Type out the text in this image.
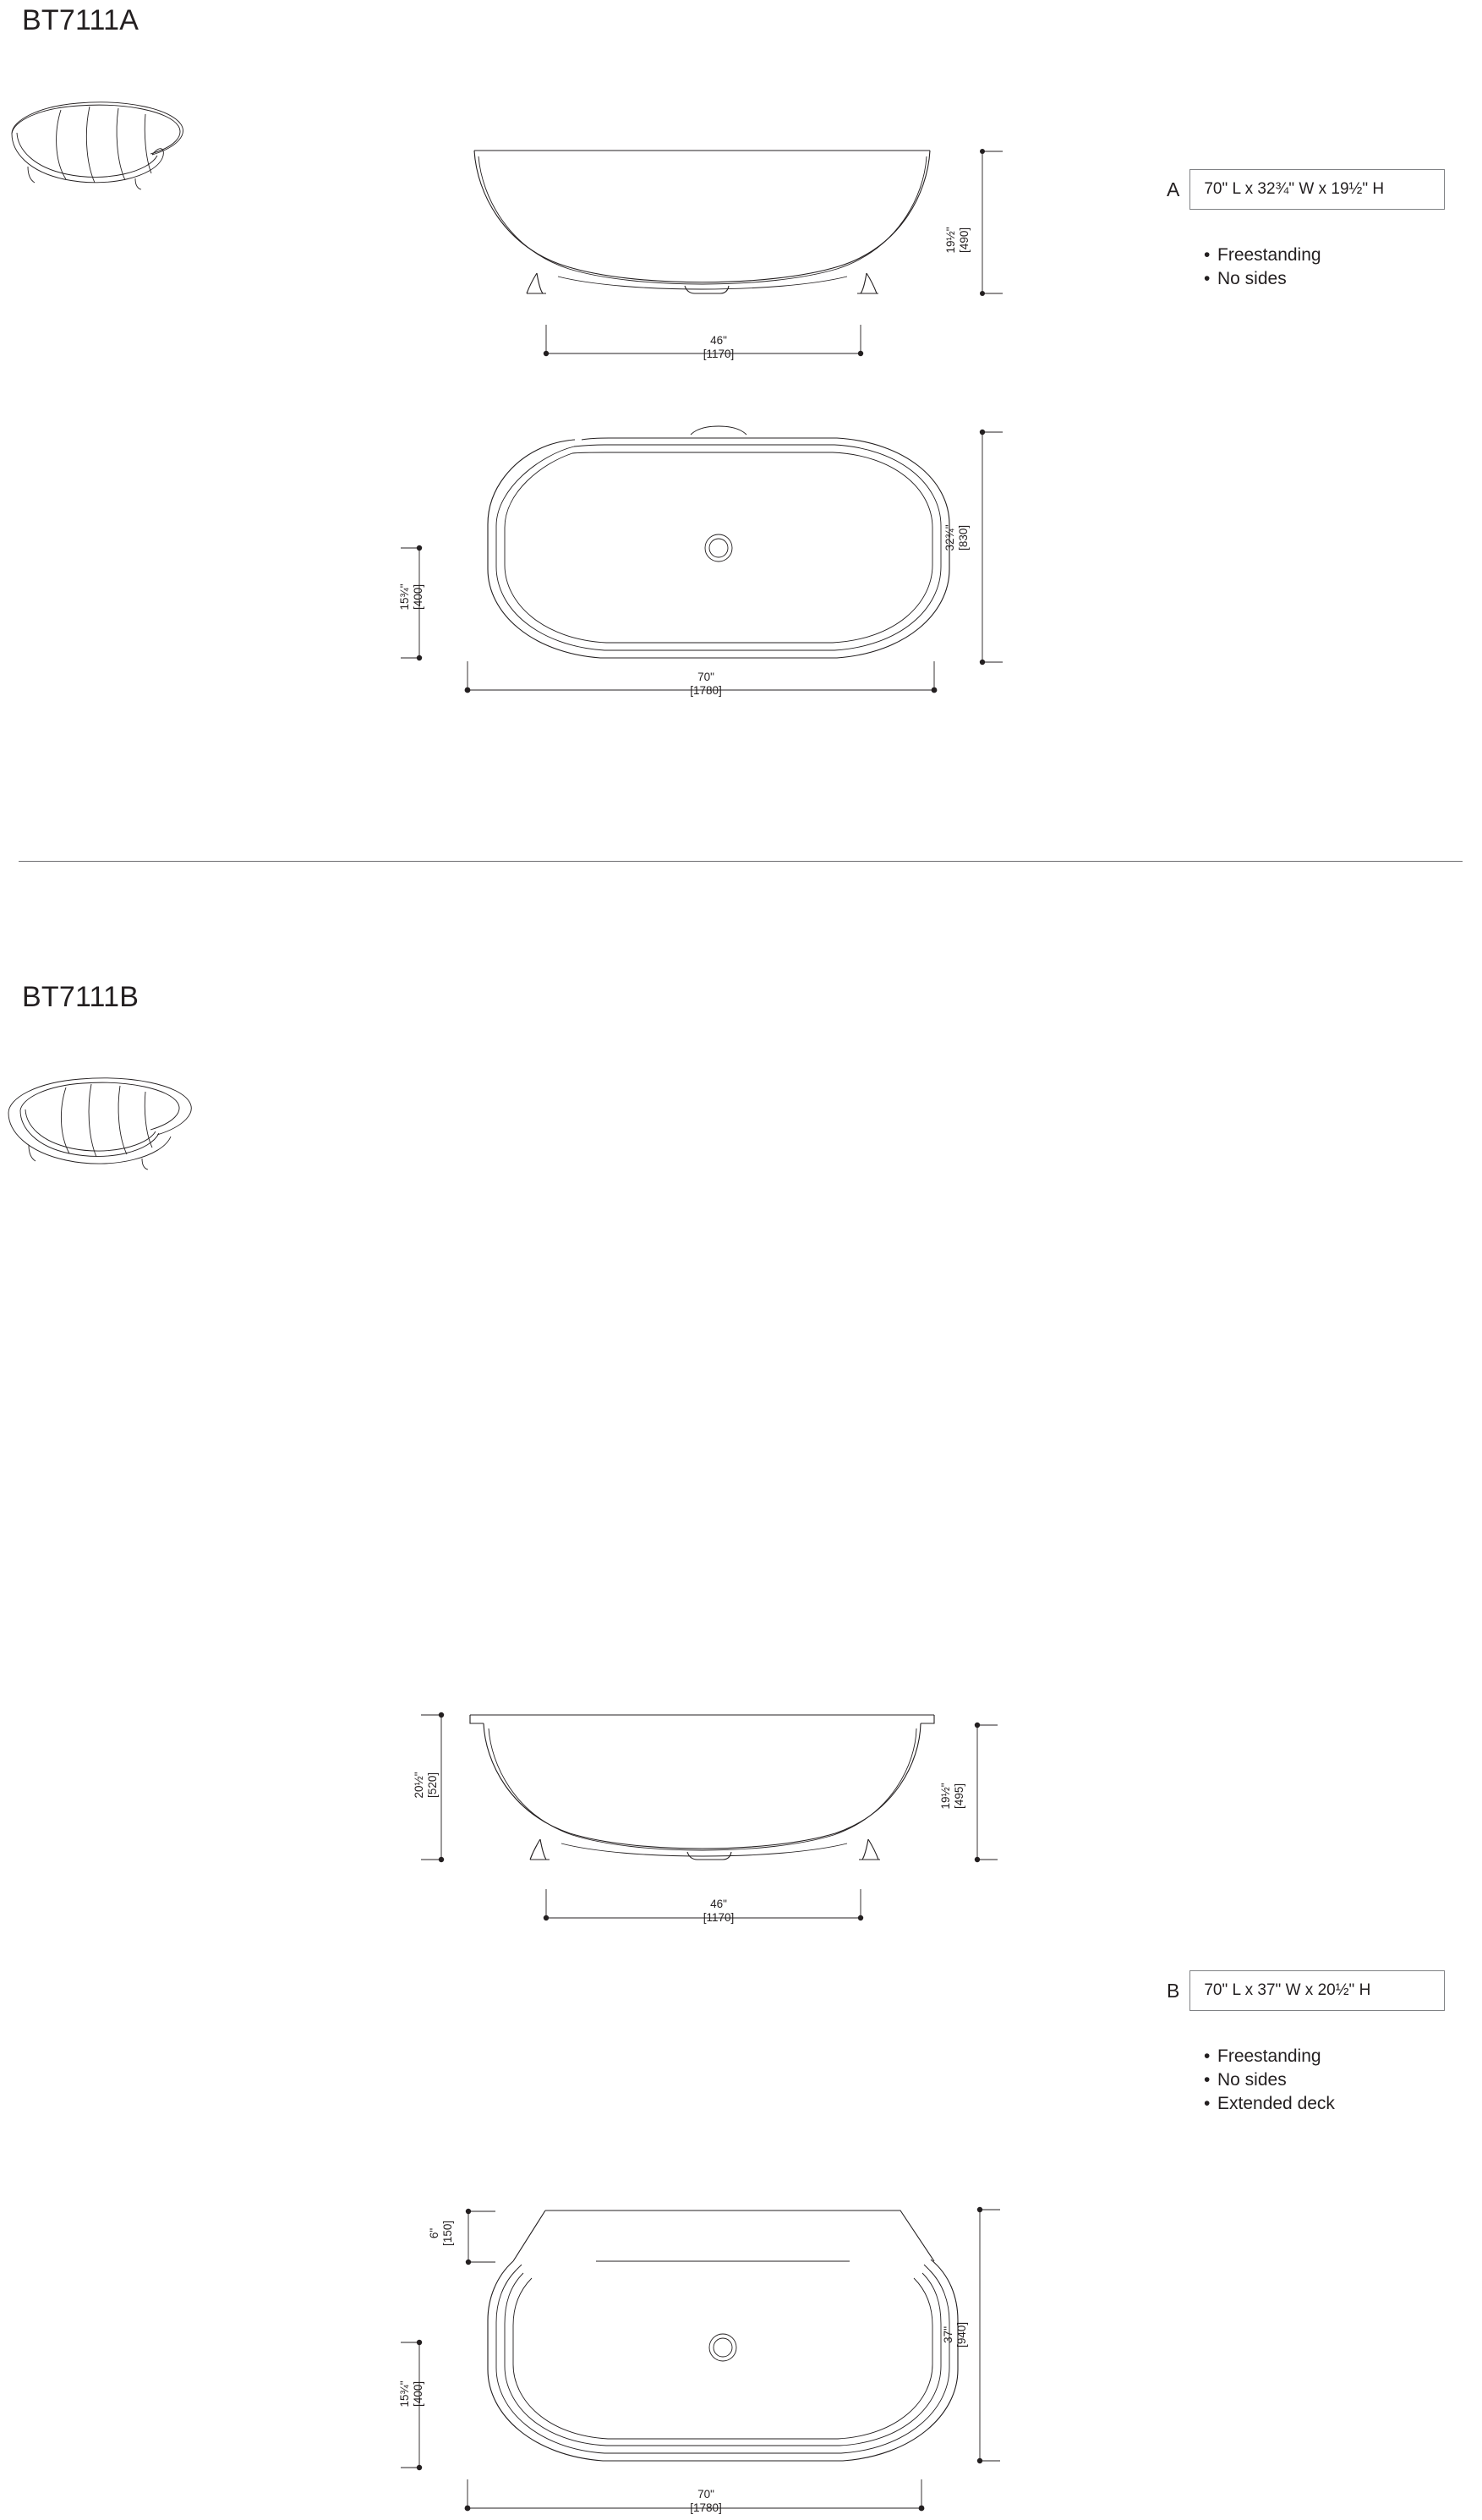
BT7111A
19½"
[490]
46"
[1170]
32¾"
[830]
15¾"
[400]
70"
[1780]
A	70" L x 32¾" W x 19½" H
• Freestanding
• No sides
BT7111B
20½"
[520]	19½"
[495]
46"
[1170]
6"
[150]
15¾"
[400]
37"
[940]
70"
[1780]
B	70" L x 37" W x 20½" H
• Freestanding
• No sides
• Extended deck
